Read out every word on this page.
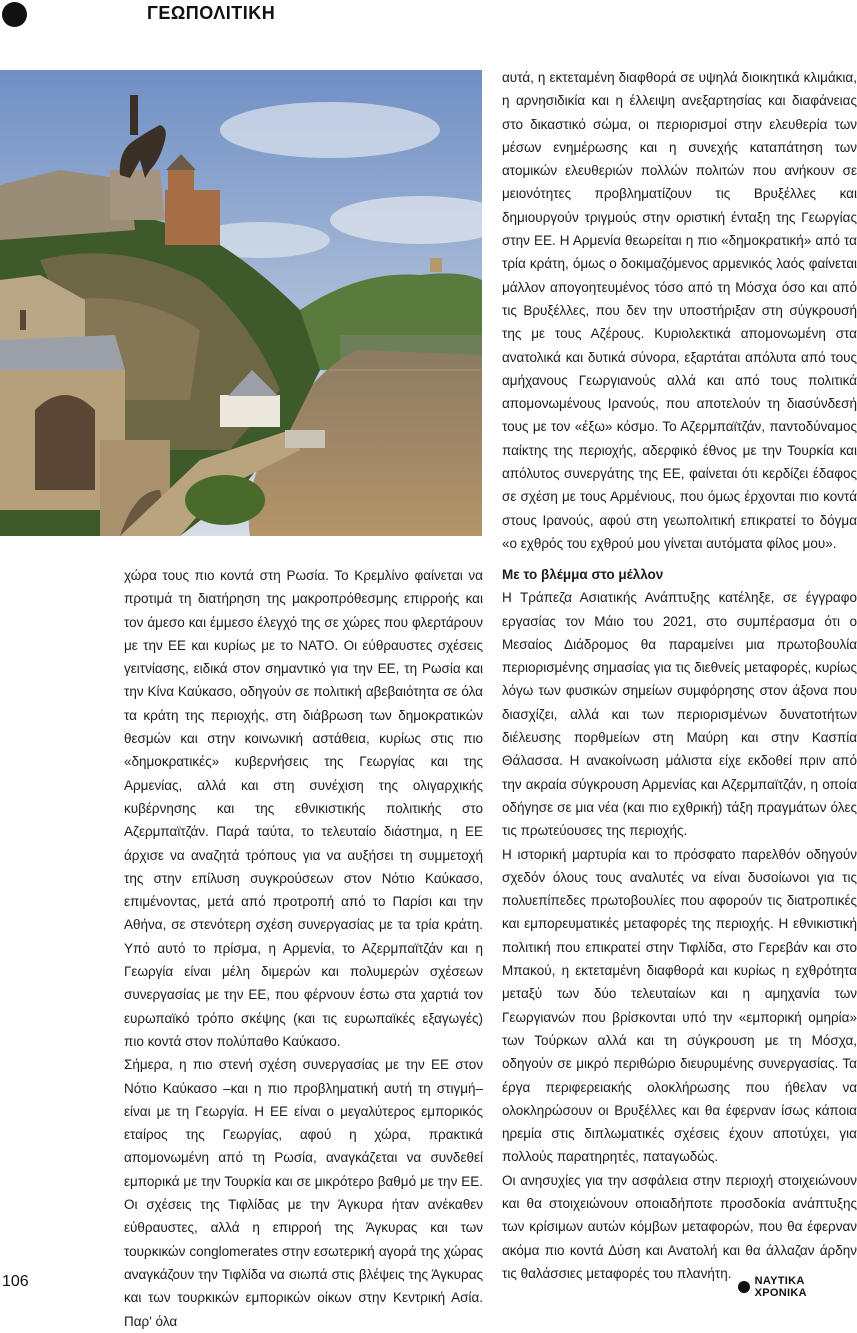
ΓΕΩΠΟΛΙΤΙΚΗ

χώρα τους πιο κοντά στη Ρωσία. Το Κρεμλίνο φαίνεται να προτιμά τη διατήρηση της μακροπρόθεσμης επιρροής και τον άμεσο και έμμεσο έλεγχό της σε χώρες που φλερτάρουν με την ΕΕ και κυρίως με το ΝΑΤΟ. Οι εύθραυστες σχέσεις γειτνίασης, ειδικά στον σημαντικό για την ΕΕ, τη Ρωσία και την Κίνα Καύκασο, οδηγούν σε πολιτική αβεβαιότητα σε όλα τα κράτη της περιοχής, στη διάβρωση των δημοκρατικών θεσμών και στην κοινωνική αστάθεια, κυρίως στις πιο «δημοκρατικές» κυβερνήσεις της Γεωργίας και της Αρμενίας, αλλά και στη συνέχιση της ολιγαρχικής κυβέρνησης και της εθνικιστικής πολιτικής στο Αζερμπαϊτζάν. Παρά ταύτα, το τελευταίο διάστημα, η ΕΕ άρχισε να αναζητά τρόπους για να αυξήσει τη συμμετοχή της στην επίλυση συγκρούσεων στον Νότιο Καύκασο, επιμένοντας, μετά από προτροπή από το Παρίσι και την Αθήνα, σε στενότερη σχέση συνεργασίας με τα τρία κράτη. Υπό αυτό το πρίσμα, η Αρμενία, το Αζερμπαϊτζάν και η Γεωργία είναι μέλη διμερών και πολυμερών σχέσεων συνεργασίας με την ΕΕ, που φέρνουν έστω στα χαρτιά τον ευρωπαϊκό τρόπο σκέψης (και τις ευρωπαϊκές εξαγωγές) πιο κοντά στον πολύπαθο Καύκασο.

Σήμερα, η πιο στενή σχέση συνεργασίας με την ΕΕ στον Νότιο Καύκασο –και η πιο προβληματική αυτή τη στιγμή– είναι με τη Γεωργία. Η ΕΕ είναι ο μεγαλύτερος εμπορικός εταίρος της Γεωργίας, αφού η χώρα, πρακτικά απομονωμένη από τη Ρωσία, αναγκάζεται να συνδεθεί εμπορικά με την Τουρκία και σε μικρότερο βαθμό με την ΕΕ. Οι σχέσεις της Τιφλίδας με την Άγκυρα ήταν ανέκαθεν εύθραυστες, αλλά η επιρροή της Άγκυρας και των τουρκικών conglomerates στην εσωτερική αγορά της χώρας αναγκάζουν την Τιφλίδα να σιωπά στις βλέψεις της Άγκυρας και των τουρκικών εμπορικών οίκων στην Κεντρική Ασία. Παρ' όλα

αυτά, η εκτεταμένη διαφθορά σε υψηλά διοικητικά κλιμάκια, η αρνησιδικία και η έλλειψη ανεξαρτησίας και διαφάνειας στο δικαστικό σώμα, οι περιορισμοί στην ελευθερία των μέσων ενημέρωσης και η συνεχής καταπάτηση των ατομικών ελευθεριών πολλών πολιτών που ανήκουν σε μειονότητες προβληματίζουν τις Βρυξέλλες και δημιουργούν τριγμούς στην οριστική ένταξη της Γεωργίας στην ΕΕ. Η Αρμενία θεωρείται η πιο «δημοκρατική» από τα τρία κράτη, όμως ο δοκιμαζόμενος αρμενικός λαός φαίνεται μάλλον απογοητευμένος τόσο από τη Μόσχα όσο και από τις Βρυξέλλες, που δεν την υποστήριξαν στη σύγκρουσή της με τους Αζέρους. Κυριολεκτικά απομονωμένη στα ανατολικά και δυτικά σύνορα, εξαρτάται απόλυτα από τους αμήχανους Γεωργιανούς αλλά και από τους πολιτικά απομονωμένους Ιρανούς, που αποτελούν τη διασύνδεσή τους με τον «έξω» κόσμο. Το Αζερμπαϊτζάν, παντοδύναμος παίκτης της περιοχής, αδερφικό έθνος με την Τουρκία και απόλυτος συνεργάτης της ΕΕ, φαίνεται ότι κερδίζει έδαφος σε σχέση με τους Αρμένιους, που όμως έρχονται πιο κοντά στους Ιρανούς, αφού στη γεωπολιτική επικρατεί το δόγμα «ο εχθρός του εχθρού μου γίνεται αυτόματα φίλος μου».

Με το βλέμμα στο μέλλον

Η Τράπεζα Ασιατικής Ανάπτυξης κατέληξε, σε έγγραφο εργασίας τον Μάιο του 2021, στο συμπέρασμα ότι ο Μεσαίος Διάδρομος θα παραμείνει μια πρωτοβουλία περιορισμένης σημασίας για τις διεθνείς μεταφορές, κυρίως λόγω των φυσικών σημείων συμφόρησης στον άξονα που διασχίζει, αλλά και των περιορισμένων δυνατοτήτων διέλευσης πορθμείων στη Μαύρη και στην Κασπία Θάλασσα. Η ανακοίνωση μάλιστα είχε εκδοθεί πριν από την ακραία σύγκρουση Αρμενίας και Αζερμπαϊτζάν, η οποία οδήγησε σε μια νέα (και πιο εχθρική) τάξη πραγμάτων όλες τις πρωτεύουσες της περιοχής.

Η ιστορική μαρτυρία και το πρόσφατο παρελθόν οδηγούν σχεδόν όλους τους αναλυτές να είναι δυσοίωνοι για τις πολυεπίπεδες πρωτοβουλίες που αφορούν τις διατροπικές και εμπορευματικές μεταφορές της περιοχής. Η εθνικιστική πολιτική που επικρατεί στην Τιφλίδα, στο Γερεβάν και στο Μπακού, η εκτεταμένη διαφθορά και κυρίως η εχθρότητα μεταξύ των δύο τελευταίων και η αμηχανία των Γεωργιανών που βρίσκονται υπό την «εμπορική ομηρία» των Τούρκων αλλά και τη σύγκρουση με τη Μόσχα, οδηγούν σε μικρό περιθώριο διευρυμένης συνεργασίας. Τα έργα περιφερειακής ολοκλήρωσης που ήθελαν να ολοκληρώσουν οι Βρυξέλλες και θα έφερναν ίσως κάποια ηρεμία στις διπλωματικές σχέσεις έχουν αποτύχει, για πολλούς παρατηρητές, παταγωδώς.

Οι ανησυχίες για την ασφάλεια στην περιοχή στοιχειώνουν και θα στοιχειώνουν οποιαδήποτε προσδοκία ανάπτυξης των κρίσιμων αυτών κόμβων μεταφορών, που θα έφερναν ακόμα πιο κοντά Δύση και Ανατολή και θα άλλαζαν άρδην τις θαλάσσιες μεταφορές του πλανήτη.

106	ΝΑΥΤΙΚΑ ΧΡΟΝΙΚΑ
